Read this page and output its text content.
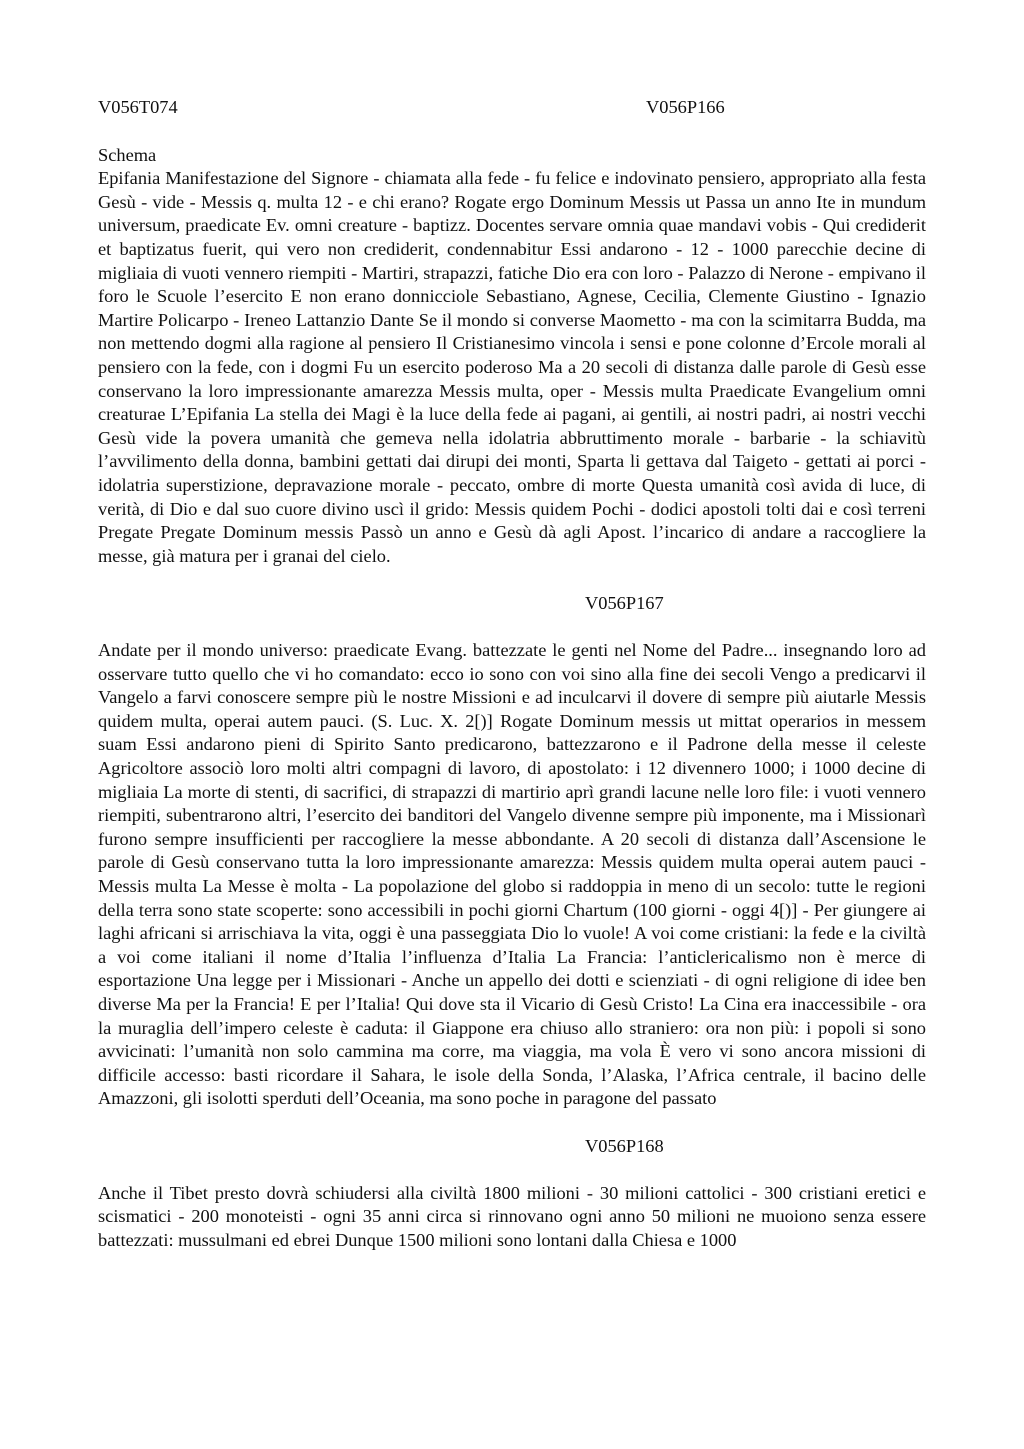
V056T074	V056P166
Schema

Epifania Manifestazione del Signore - chiamata alla fede - fu felice e indovinato pensiero, appropriato alla festa Gesù - vide - Messis q. multa 12 - e chi erano? Rogate ergo Dominum Messis ut Passa un anno Ite in mundum universum, praedicate Ev. omni creature - baptizz. Docentes servare omnia quae mandavi vobis - Qui crediderit et baptizatus fuerit, qui vero non crediderit, condennabitur Essi andarono - 12 - 1000 parecchie decine di migliaia di vuoti vennero riempiti - Martiri, strapazzi, fatiche Dio era con loro - Palazzo di Nerone - empivano il foro le Scuole l’esercito E non erano donnicciole Sebastiano, Agnese, Cecilia, Clemente Giustino - Ignazio Martire Policarpo - Ireneo Lattanzio Dante Se il mondo si converse Maometto - ma con la scimitarra Budda, ma non mettendo dogmi alla ragione al pensiero Il Cristianesimo vincola i sensi e pone colonne d’Ercole morali al pensiero con la fede, con i dogmi Fu un esercito poderoso Ma a 20 secoli di distanza dalle parole di Gesù esse conservano la loro impressionante amarezza Messis multa, oper - Messis multa Praedicate Evangelium omni creaturae L’Epifania La stella dei Magi è la luce della fede ai pagani, ai gentili, ai nostri padri, ai nostri vecchi Gesù vide la povera umanità che gemeva nella idolatria abbruttimento morale - barbarie - la schiavitù l’avvilimento della donna, bambini gettati dai dirupi dei monti, Sparta li gettava dal Taigeto - gettati ai porci - idolatria superstizione, depravazione morale - peccato, ombre di morte Questa umanità così avida di luce, di verità, di Dio e dal suo cuore divino uscì il grido: Messis quidem Pochi - dodici apostoli tolti dai e così terreni Pregate Pregate Dominum messis Passò un anno e Gesù dà agli Apost. l’incarico di andare a raccogliere la messe, già matura per i granai del cielo.

V056P167

Andate per il mondo universo: praedicate Evang. battezzate le genti nel Nome del Padre... insegnando loro ad osservare tutto quello che vi ho comandato: ecco io sono con voi sino alla fine dei secoli Vengo a predicarvi il Vangelo a farvi conoscere sempre più le nostre Missioni e ad inculcarvi il dovere di sempre più aiutarle Messis quidem multa, operai autem pauci. (S. Luc. X. 2[)] Rogate Dominum messis ut mittat operarios in messem suam Essi andarono pieni di Spirito Santo predicarono, battezzarono e il Padrone della messe il celeste Agricoltore associò loro molti altri compagni di lavoro, di apostolato: i 12 divennero 1000; i 1000 decine di migliaia La morte di stenti, di sacrifici, di strapazzi di martirio aprì grandi lacune nelle loro file: i vuoti vennero riempiti, subentrarono altri, l’esercito dei banditori del Vangelo divenne sempre più imponente, ma i Missionarì furono sempre insufficienti per raccogliere la messe abbondante. A 20 secoli di distanza dall’Ascensione le parole di Gesù conservano tutta la loro impressionante amarezza: Messis quidem multa operai autem pauci - Messis multa La Messe è molta - La popolazione del globo si raddoppia in meno di un secolo: tutte le regioni della terra sono state scoperte: sono accessibili in pochi giorni Chartum (100 giorni - oggi 4[)] - Per giungere ai laghi africani si arrischiava la vita, oggi è una passeggiata Dio lo vuole! A voi come cristiani: la fede e la civiltà a voi come italiani il nome d’Italia l’influenza d’Italia La Francia: l’anticlericalismo non è merce di esportazione Una legge per i Missionari - Anche un appello dei dotti e scienziati - di ogni religione di idee ben diverse Ma per la Francia! E per l’Italia! Qui dove sta il Vicario di Gesù Cristo! La Cina era inaccessibile - ora la muraglia dell’impero celeste è caduta: il Giappone era chiuso allo straniero: ora non più: i popoli si sono avvicinati: l’umanità non solo cammina ma corre, ma viaggia, ma vola È vero vi sono ancora missioni di difficile accesso: basti ricordare il Sahara, le isole della Sonda, l’Alaska, l’Africa centrale, il bacino delle Amazzoni, gli isolotti sperduti dell’Oceania, ma sono poche in paragone del passato

V056P168

Anche il Tibet presto dovrà schiudersi alla civiltà 1800 milioni - 30 milioni cattolici - 300 cristiani eretici e scismatici - 200 monoteisti - ogni 35 anni circa si rinnovano ogni anno 50 milioni ne muoiono senza essere battezzati: mussulmani ed ebrei Dunque 1500 milioni sono lontani dalla Chiesa e 1000
